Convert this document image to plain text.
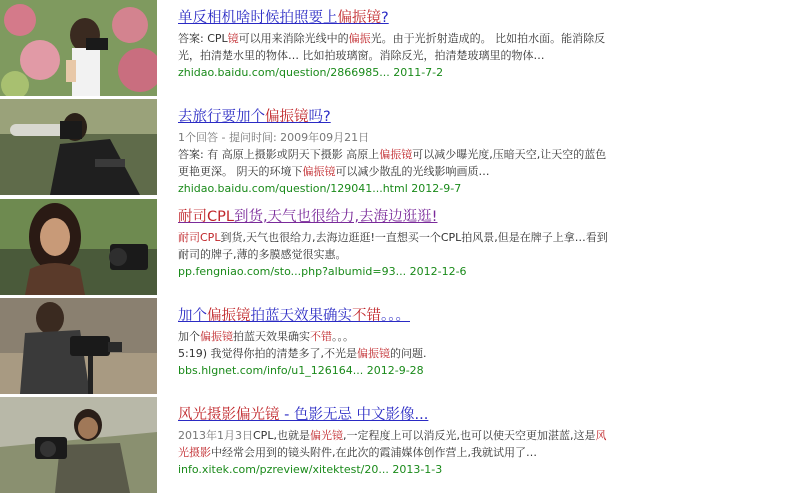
单反相机啥时候拍照要上偏振镜?
答案: CPL镜可以用来消除光线中的偏振光。由于光折射造成的。 比如拍水面。能消除反
光，拍清楚水里的物体… 比如拍玻璃窗。消除反光，拍清楚玻璃里的物体…
zhidao.baidu.com/question/2866985... 2011-7-2
去旅行要加个偏振镜吗?
1个回答 - 提问时间: 2009年09月21日
答案: 有 高原上摄影或阴天下摄影 高原上偏振镜可以减少曝光度,压暗天空,让天空的蓝色
更艳更深。 阴天的环境下偏振镜可以减少散乱的光线影响画质…
zhidao.baidu.com/question/129041...html 2012-9-7
耐司CPL到货,天气也很给力,去海边逛逛!
耐司CPL到货,天气也很给力,去海边逛逛!一直想买一个CPL拍风景,但是在牌子上拿…看到
耐司的牌子,薄的多膜感觉很实惠。
pp.fengniao.com/sto...php?albumid=93... 2012-12-6
加个偏振镜拍蓝天效果确实不错。。。
加个偏振镜拍蓝天效果确实不错。。。
5:19) 我觉得你拍的清楚多了,不光是偏振镜的问题.
bbs.hlgnet.com/info/u1_126164... 2012-9-28
风光摄影偏光镜 - 色影无忌 中文影像...
2013年1月3日CPL,也就是偏光镜,一定程度上可以消反光,也可以使天空更加湛蓝,这是风
光摄影中经常会用到的镜头附件,在此次的霞浦媒体创作营上,我就试用了…
info.xitek.com/pzreview/xitektest/20... 2013-1-3
